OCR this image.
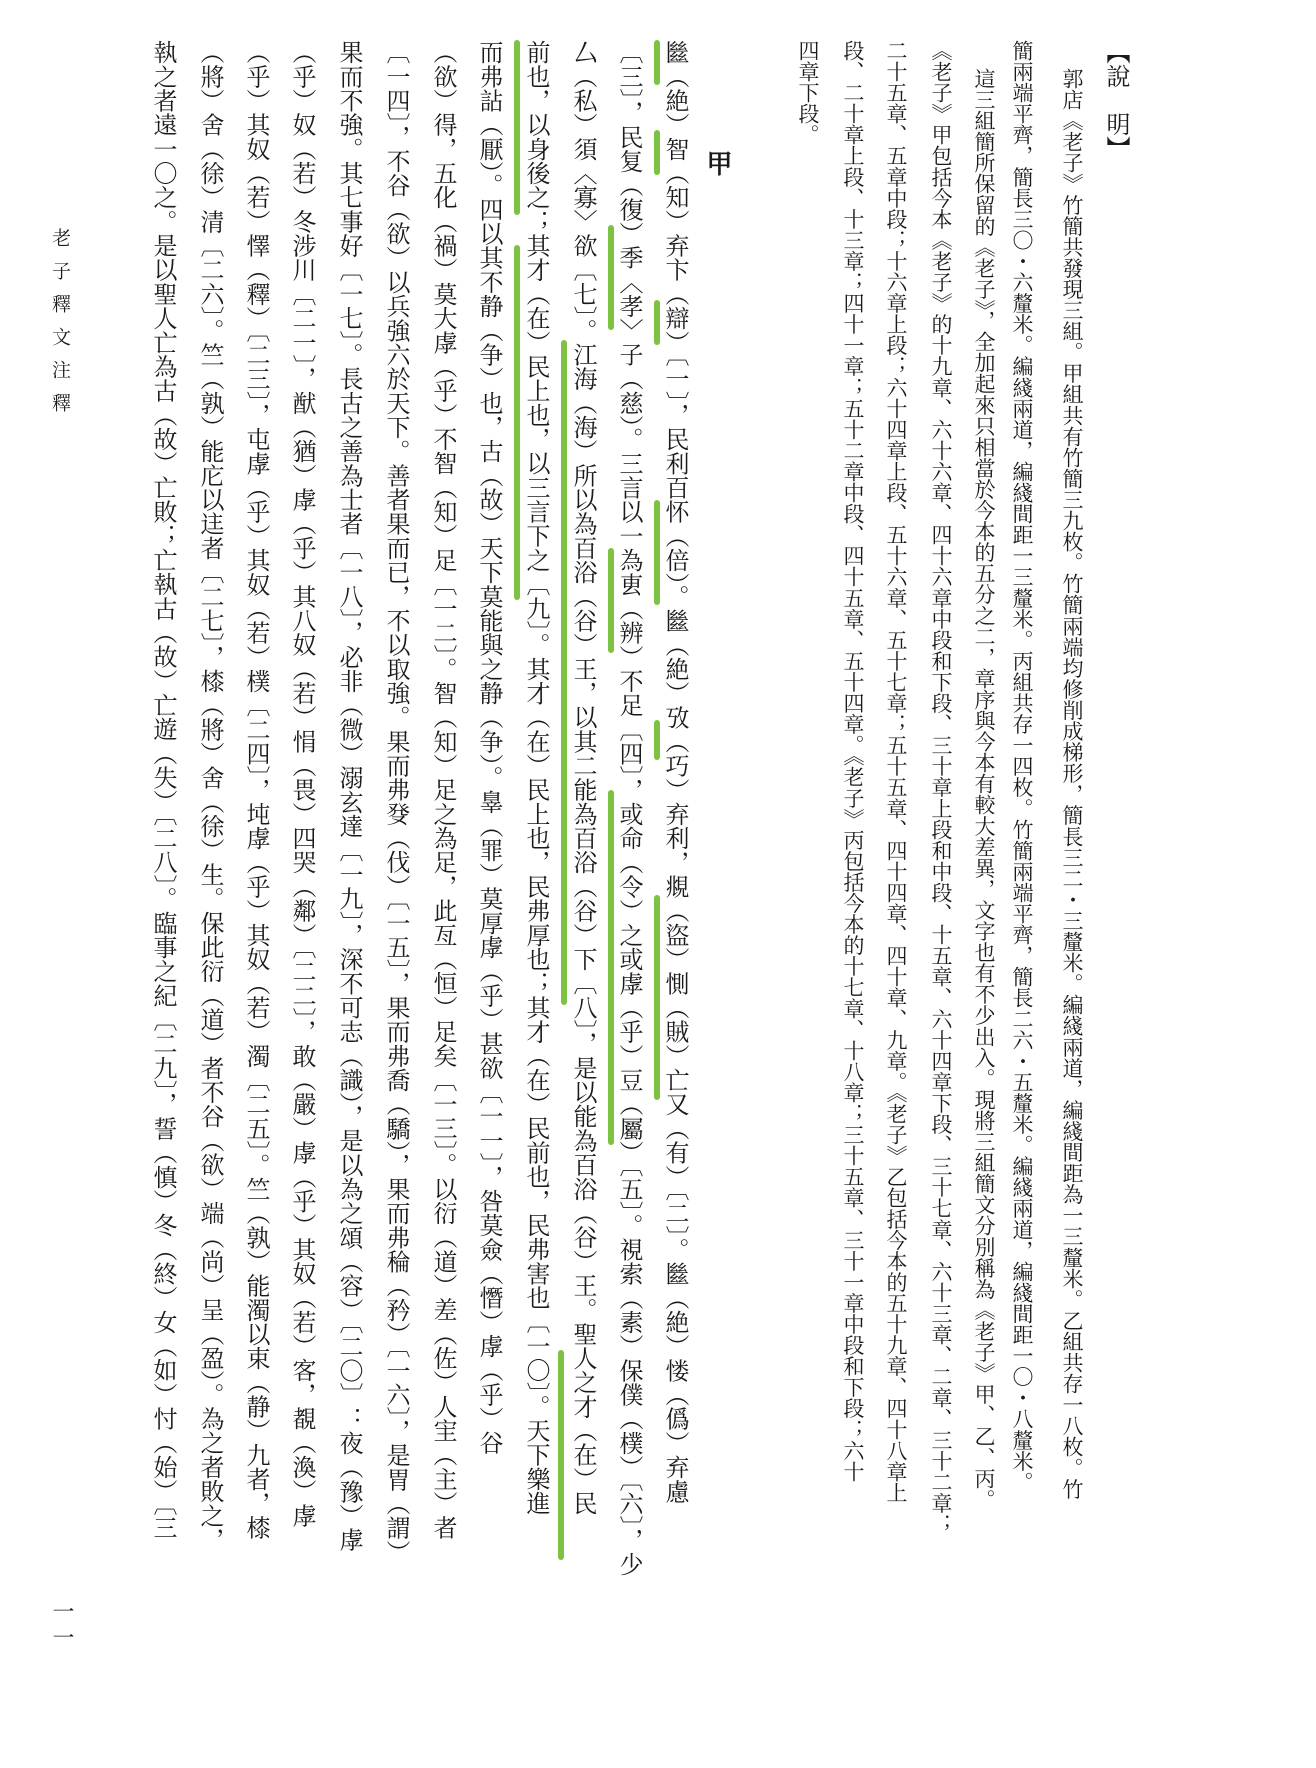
【說　明】
郭店《老子》竹簡共發現三組。甲組共有竹簡三九枚。竹簡兩端均修削成梯形，簡長三二・三釐米。編綫兩道，編綫間距為一三釐米。乙組共存一八枚。竹
簡兩端平齊，簡長三〇・六釐米。編綫兩道，編綫間距一三釐米。丙組共存一四枚。竹簡兩端平齊，簡長二六・五釐米。編綫兩道，編綫間距一〇・八釐米。
這三組簡所保留的《老子》，全加起來只相當於今本的五分之二，章序與今本有較大差異，文字也有不少出入。現將三組簡文分別稱為《老子》甲、乙、丙。
《老子》甲包括今本《老子》的十九章、六十六章、四十六章中段和下段、三十章上段和中段、十五章、六十四章下段、三十七章、六十三章、二章、三十二章；
二十五章、五章中段；十六章上段；六十四章上段、五十六章、五十七章；五十五章、四十四章、四十章、九章。《老子》乙包括今本的五十九章、四十八章上
段、二十章上段、十三章；四十一章；五十二章中段、四十五章、五十四章。《老子》丙包括今本的十七章、十八章；三十五章、三十一章中段和下段；六十
四章下段。
甲
㡭（絶）智（知）弃卞（辯）〔一〕，民利百怀（倍）。㡭（絶）攷（巧）弃利，覜（盜）惻（賊）亡又（有）〔二〕。㡭（絶）㥪（僞）弃慮
〔三〕，民复（復）季〈孝〉子（慈）。三言以一為叀（辨）不足〔四〕，或命（令）之或虖（乎）豆（屬）〔五〕。視索（素）保僕（樸）〔六〕，少
厶（私）須〈寡〉欲〔七〕。江海（海）所以為百浴（谷）王，以其二能為百浴（谷）下〔八〕，是以能為百浴（谷）王。聖人之才（在）民
前也，以身後之；其才（在）民上也，以三言下之〔九〕。其才（在）民上也，民弗厚也；其才（在）民前也，民弗害也〔一〇〕。天下樂進
而弗詀（厭）。四以其不静（争）也，古（故）天下莫能與之静（争）。辠（罪）莫厚虖（乎）甚欲〔一一〕，咎莫僉（憯）虖（乎）谷
（欲）得，五化（禍）莫大虖（乎）不智（知）足〔一二〕。智（知）足之為足，此亙（恒）足矣〔一三〕。以衍（道）差（佐）人宔（主）者
〔一四〕，不谷（欲）以兵強六於天下。善者果而已，不以取強。果而弗癹（伐）〔一五〕，果而弗喬（驕），果而弗稐（矜）〔一六〕，是胃（謂）
果而不強。其七事好〔一七〕。長古之善為士者〔一八〕，必非（微）溺玄達〔一九〕，深不可志（識），是以為之頌（容）〔二〇〕：夜（豫）虖
（乎）奴（若）冬涉川〔二一〕，猷（猶）虖（乎）其八奴（若）悁（畏）四哭（鄰）〔二二〕，敢（嚴）虖（乎）其奴（若）客，覩（渙）虖
（乎）其奴（若）懌（釋）〔二三〕，屯虖（乎）其奴（若）樸〔二四〕，坉虖（乎）其奴（若）濁〔二五〕。竺（孰）能濁以束（静）九者，㯃
（將）舍（徐）清〔二六〕。竺（孰）能庀以迬者〔二七〕，㯃（將）舍（徐）生。保此衍（道）者不谷（欲）端（尚）呈（盈）。為之者敗之，
執之者遠一〇之。是以聖人亡為古（故）亡敗；亡執古（故）亡遊（失）〔二八〕。臨事之紀〔二九〕，誓（慎）冬（終）女（如）忖（始）〔三
老子釋文注釋
一一
